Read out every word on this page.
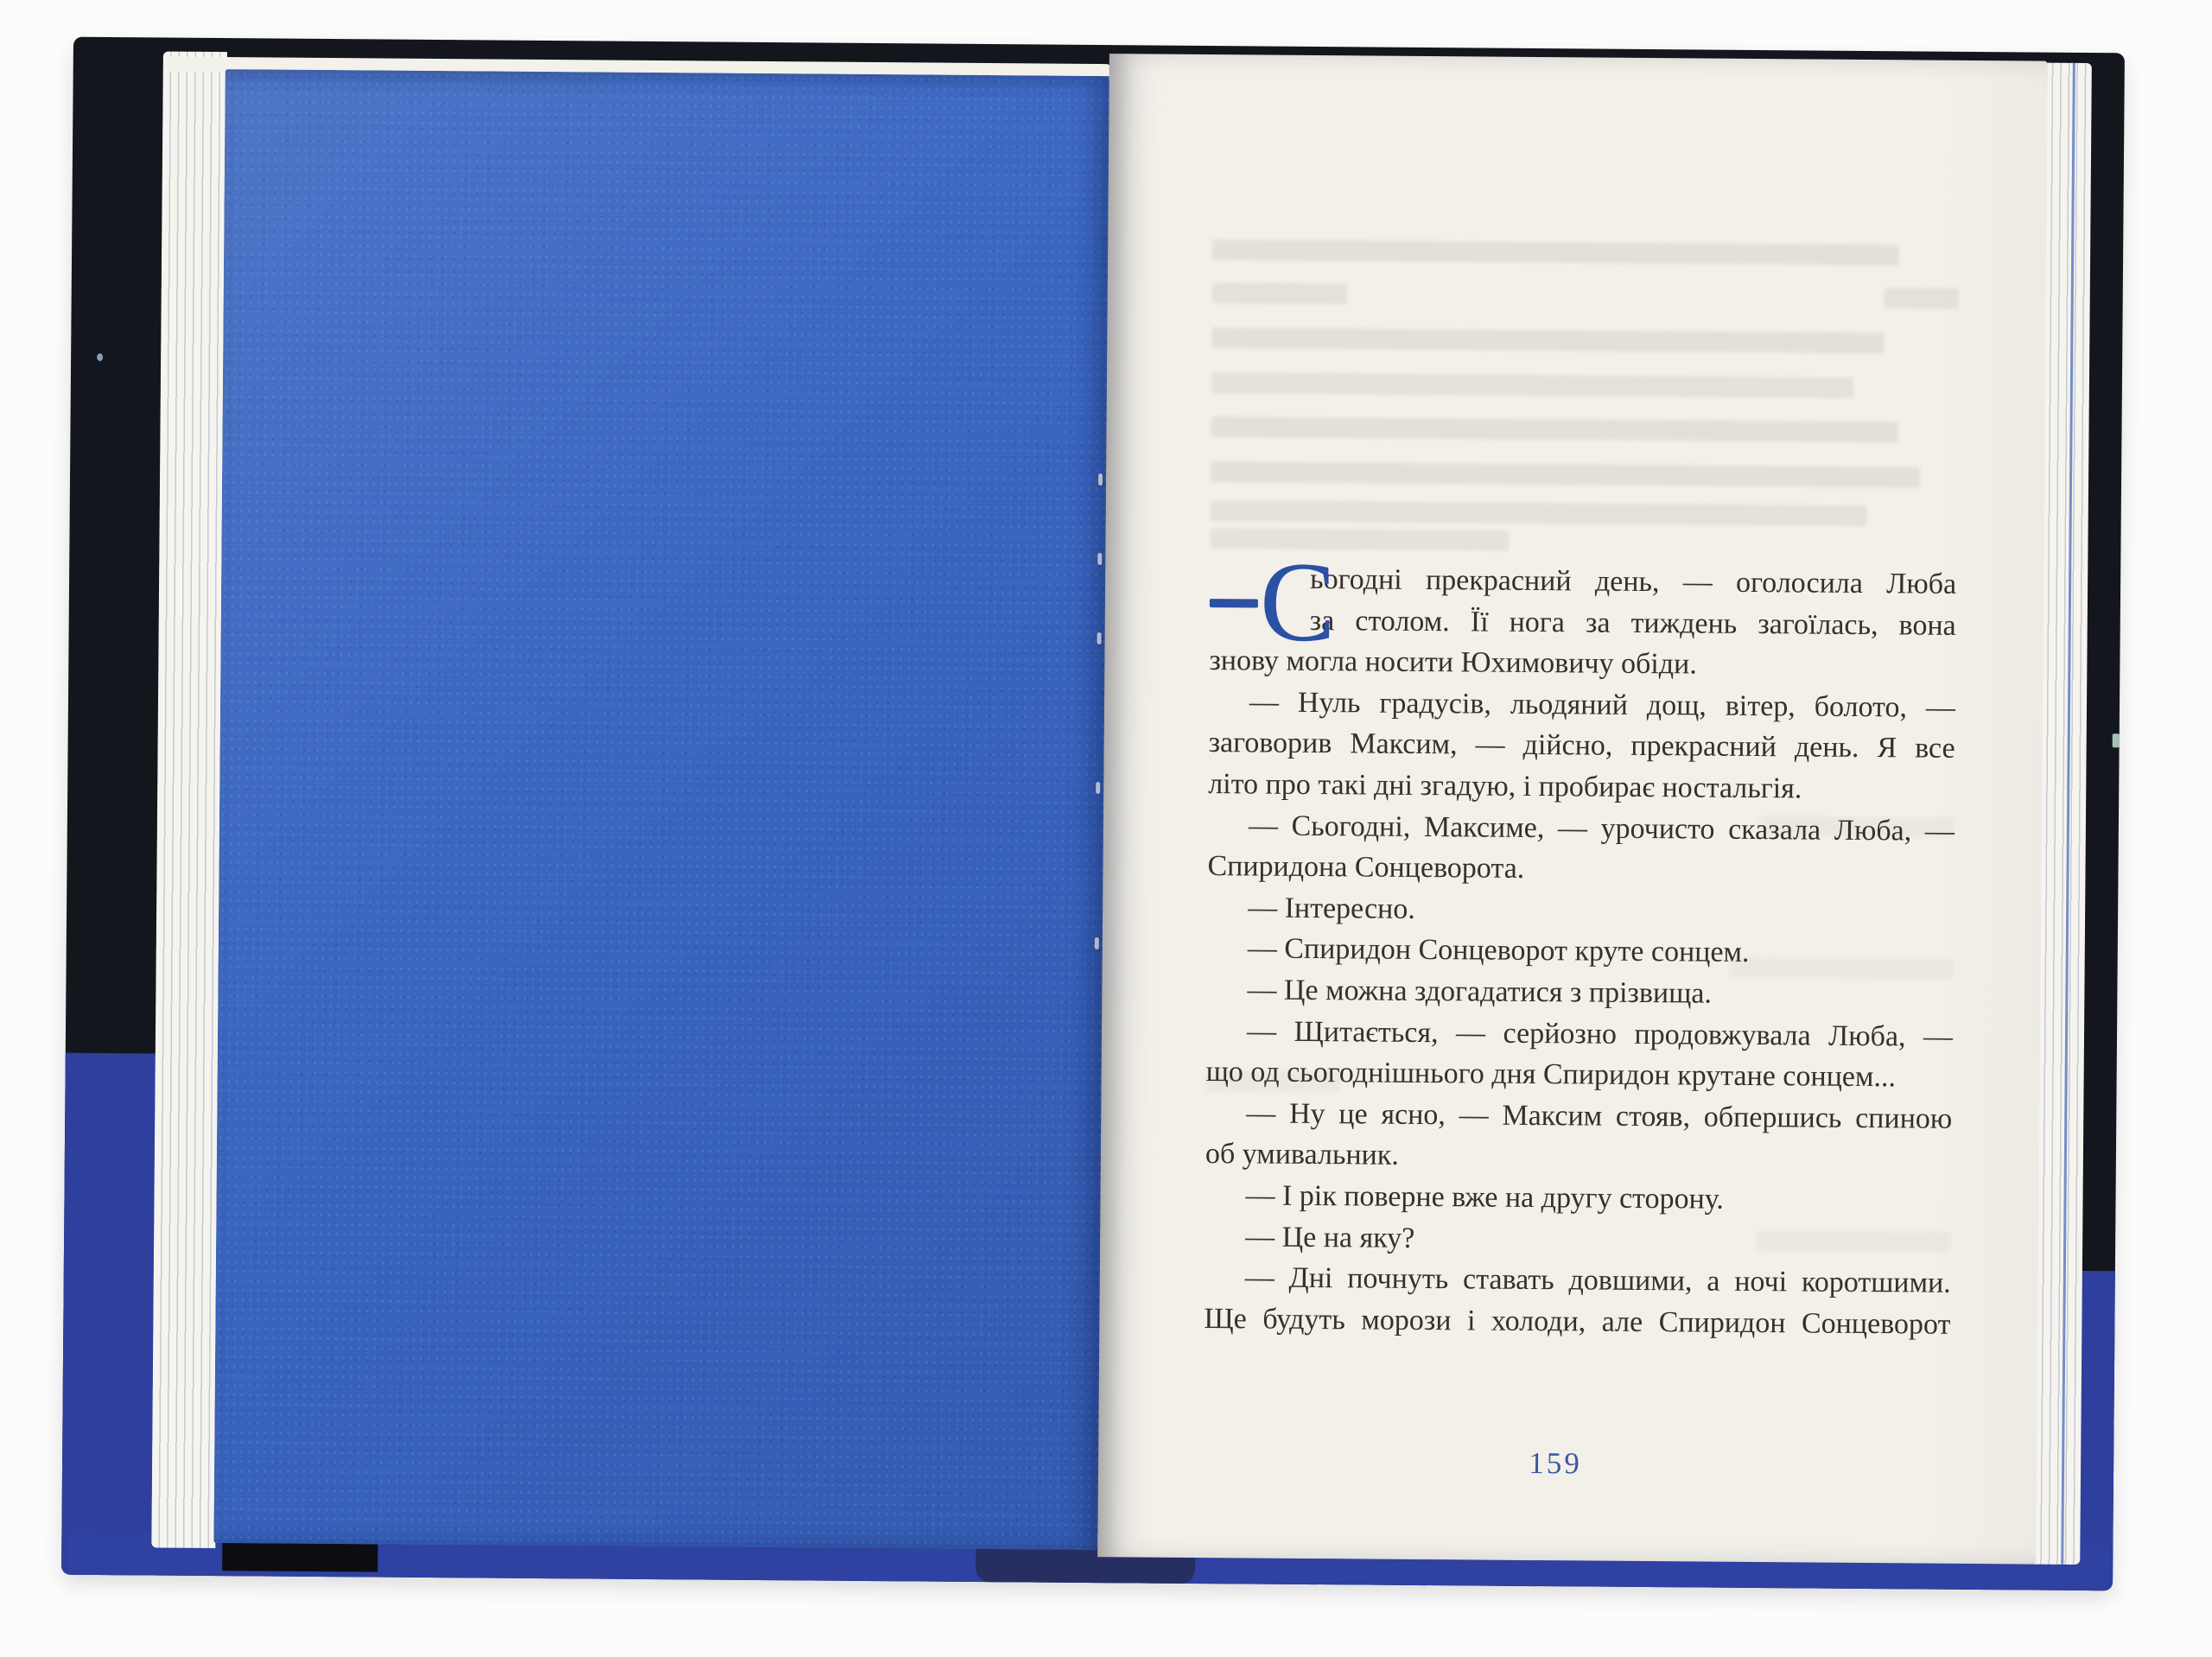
С
ьогодні прекрасний день, — оголосила Люба
за столом. Її нога за тиждень загоїлась, вона
знову могла носити Юхимовичу обіди.
— Нуль градусів, льодяний дощ, вітер, болото, —
заговорив Максим, — дійсно, прекрасний день. Я все
літо про такі дні згадую, і пробирає ностальгія.
— Сьогодні, Максиме, — урочисто сказала Люба, —
Спиридона Сонцеворота.
— Інтересно.
— Спиридон Сонцеворот круте сонцем.
— Це можна здогадатися з прізвища.
— Щитається, — серйозно продовжувала Люба, —
що од сьогоднішнього дня Спиридон крутане сонцем...
— Ну це ясно, — Максим стояв, обпершись спиною
об умивальник.
— І рік поверне вже на другу сторону.
— Це на яку?
— Дні почнуть ставать довшими, а ночі коротшими.
Ще будуть морози і холоди, але Спиридон Сонцеворот
159
